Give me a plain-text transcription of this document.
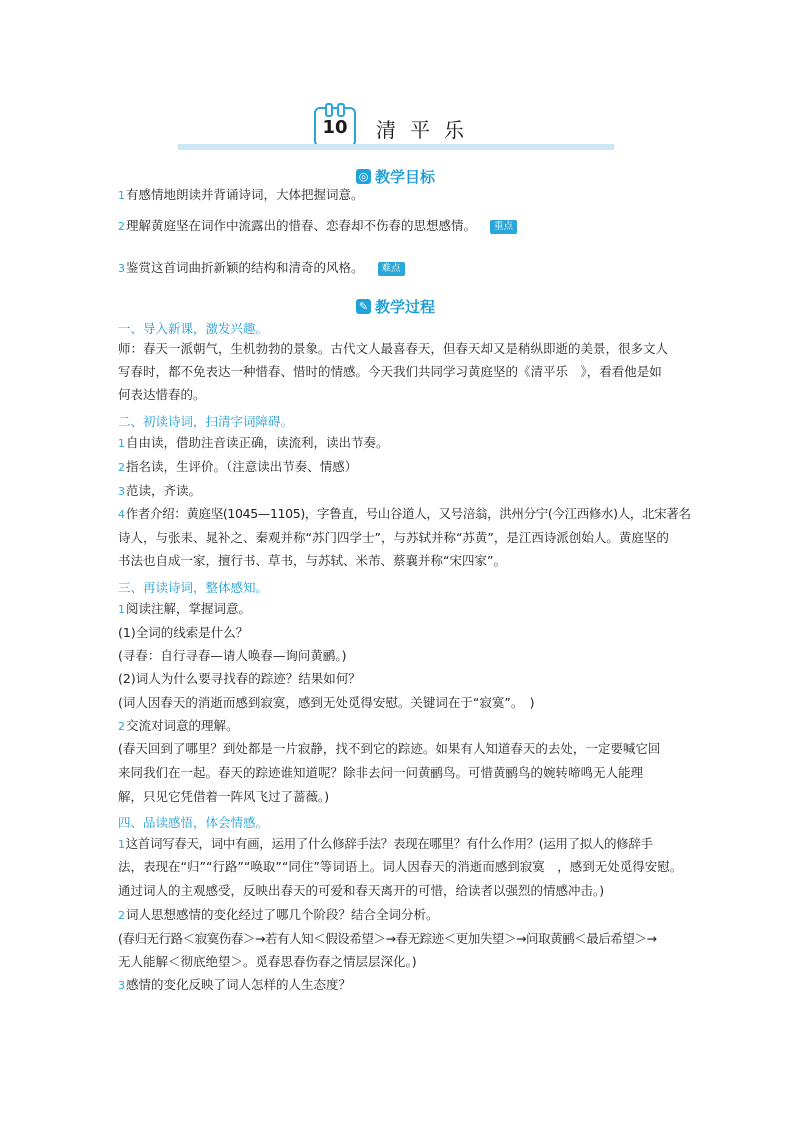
10 清平乐
◎ 教学目标
1有感情地朗读并背诵诗词，大体把握词意。
2理解黄庭坚在词作中流露出的惜春、恋春却不伤春的思想感情。 重点
3鉴赏这首词曲折新颖的结构和清奇的风格。 难点
✎ 教学过程
一、导入新课，激发兴趣。
师：春天一派朝气，生机勃勃的景象。古代文人最喜春天，但春天却又是稍纵即逝的美景，很多文人
写春时，都不免表达一种惜春、惜时的情感。今天我们共同学习黄庭坚的《清平乐　》，看看他是如
何表达惜春的。
二、初读诗词，扫清字词障碍。
1自由读，借助注音读正确，读流利，读出节奏。
2指名读，生评价。（注意读出节奏、情感）
3范读，齐读。
4作者介绍：黄庭坚(1045—1105)，字鲁直，号山谷道人，又号涪翁，洪州分宁(今江西修水)人，北宋著名
诗人，与张耒、晁补之、秦观并称“苏门四学士”，与苏轼并称“苏黄”，是江西诗派创始人。黄庭坚的
书法也自成一家，擅行书、草书，与苏轼、米芾、蔡襄并称“宋四家”。
三、再读诗词，整体感知。
1阅读注解，掌握词意。
(1)全词的线索是什么？
(寻春：自行寻春—请人唤春—询问黄鹂。)
(2)词人为什么要寻找春的踪迹？结果如何？
(词人因春天的消逝而感到寂寞，感到无处觅得安慰。关键词在于“寂寞”。　)
2交流对词意的理解。
(春天回到了哪里？到处都是一片寂静，找不到它的踪迹。如果有人知道春天的去处，一定要喊它回
来同我们在一起。春天的踪迹谁知道呢？除非去问一问黄鹂鸟。可惜黄鹂鸟的婉转啼鸣无人能理
解，只见它凭借着一阵风飞过了蔷薇。)
四、品读感悟，体会情感。
1这首词写春天，词中有画，运用了什么修辞手法？表现在哪里？有什么作用？(运用了拟人的修辞手
法，表现在“归”“行路”“唤取”“同住”等词语上。词人因春天的消逝而感到寂寞　，感到无处觅得安慰。
通过词人的主观感受，反映出春天的可爱和春天离开的可惜，给读者以强烈的情感冲击。)
2词人思想感情的变化经过了哪几个阶段？结合全词分析。
(春归无行路＜寂寞伤春＞→若有人知＜假设希望＞→春无踪迹＜更加失望＞→问取黄鹂＜最后希望＞→
无人能解＜彻底绝望＞。觅春思春伤春之情层层深化。)
3感情的变化反映了词人怎样的人生态度？
